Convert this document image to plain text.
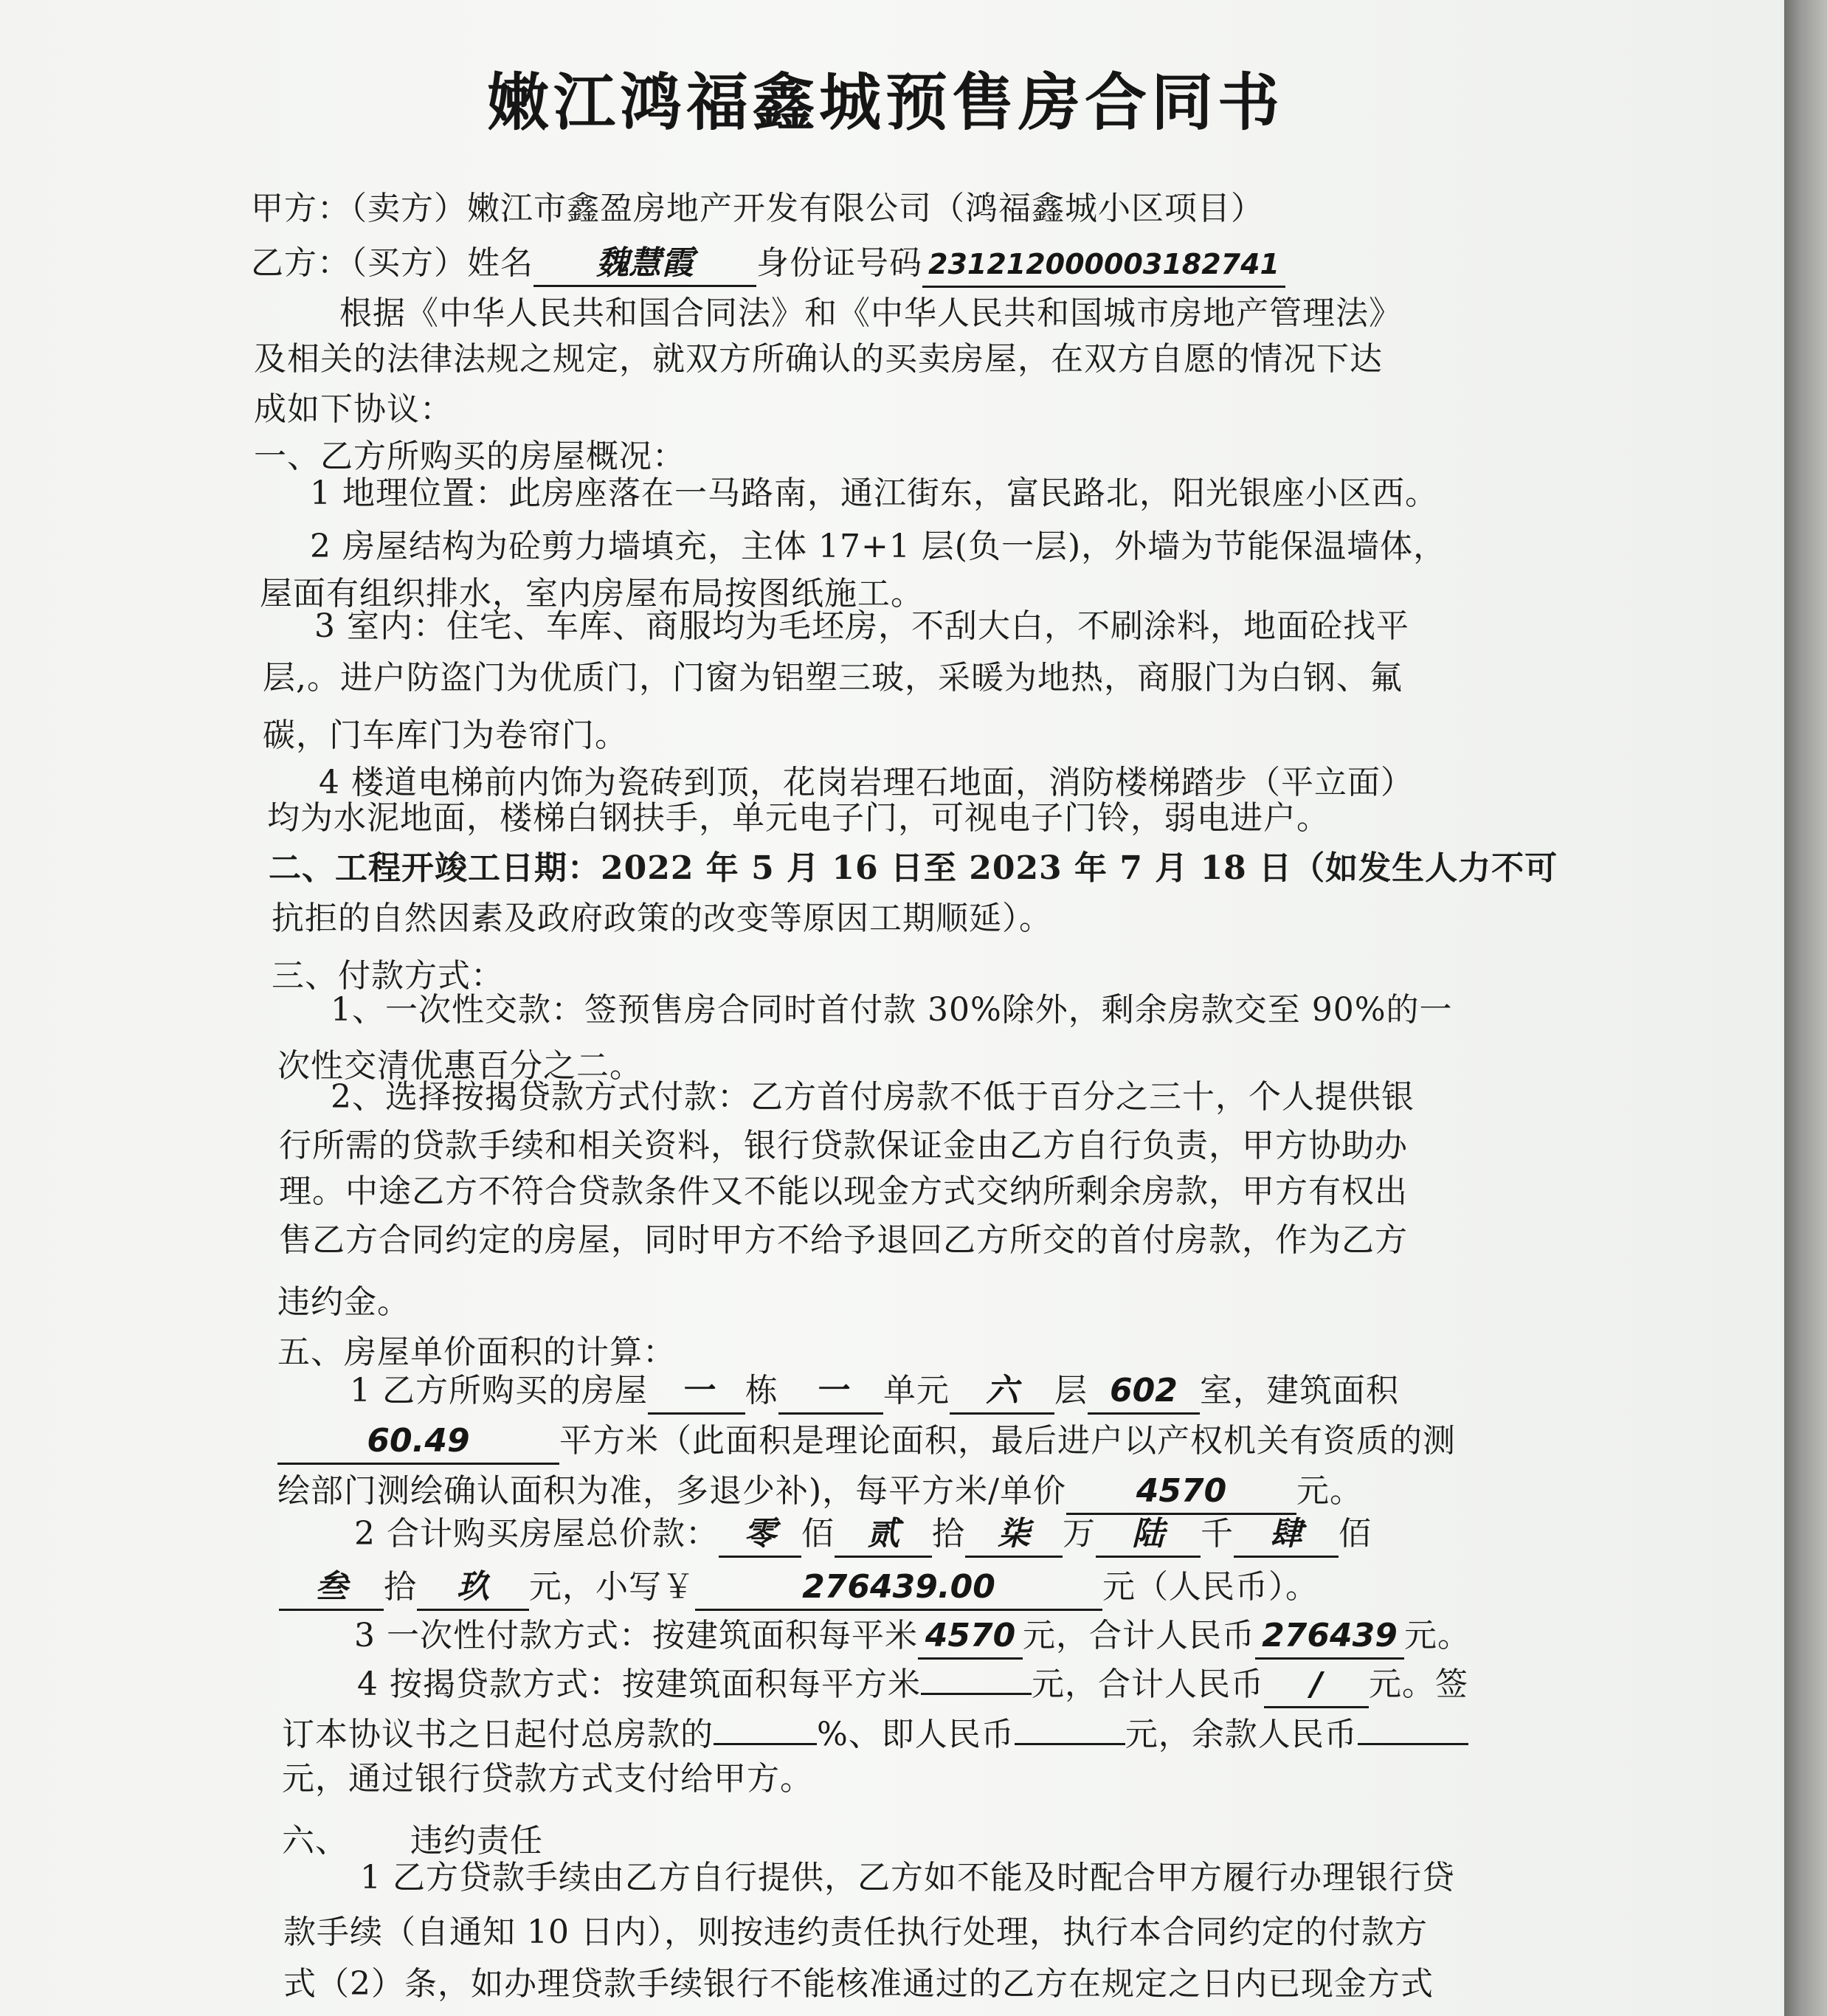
嫩江鸿福鑫城预售房合同书
甲方：（卖方）嫩江市鑫盈房地产开发有限公司（鸿福鑫城小区项目）
乙方：（买方）姓名 魏慧霞 身份证号码 231212000003182741
根据《中华人民共和国合同法》和《中华人民共和国城市房地产管理法》
及相关的法律法规之规定，就双方所确认的买卖房屋，在双方自愿的情况下达
成如下协议：
一、乙方所购买的房屋概况：
1 地理位置：此房座落在一马路南，通江街东，富民路北，阳光银座小区西。
2 房屋结构为砼剪力墙填充，主体 17+1 层(负一层)，外墙为节能保温墙体，
屋面有组织排水，室内房屋布局按图纸施工。
3 室内：住宅、车库、商服均为毛坯房，不刮大白，不刷涂料，地面砼找平
层,。进户防盗门为优质门，门窗为铝塑三玻，采暖为地热，商服门为白钢、氟
碳，门车库门为卷帘门。
4 楼道电梯前内饰为瓷砖到顶，花岗岩理石地面，消防楼梯踏步（平立面）
均为水泥地面，楼梯白钢扶手，单元电子门，可视电子门铃，弱电进户。
二、工程开竣工日期：2022 年 5 月 16 日至 2023 年 7 月 18 日（如发生人力不可
抗拒的自然因素及政府政策的改变等原因工期顺延）。
三、付款方式：
1、一次性交款：签预售房合同时首付款 30%除外，剩余房款交至 90%的一
次性交清优惠百分之二。
2、选择按揭贷款方式付款：乙方首付房款不低于百分之三十，个人提供银
行所需的贷款手续和相关资料，银行贷款保证金由乙方自行负责，甲方协助办
理。中途乙方不符合贷款条件又不能以现金方式交纳所剩余房款，甲方有权出
售乙方合同约定的房屋，同时甲方不给予退回乙方所交的首付房款，作为乙方
违约金。
五、房屋单价面积的计算：
1 乙方所购买的房屋 一 栋 一 单元 六 层 602 室，建筑面积
60.49	平方米（此面积是理论面积，最后进户以产权机关有资质的测
绘部门测绘确认面积为准，多退少补)，每平方米/单价 4570 元。
2 合计购买房屋总价款： 零 佰 贰 拾 柒 万 陆 千 肆 佰
叁 拾 玖 元，小写￥	276439.00	元（人民币）。
3 一次性付款方式：按建筑面积每平米 4570 元，合计人民币 276439 元。
4 按揭贷款方式：按建筑面积每平方米	元，合计人民币 / 元。签
订本协议书之日起付总房款的	%、即人民币	元，余款人民币
元，通过银行贷款方式支付给甲方。
六、 违约责任
1 乙方贷款手续由乙方自行提供，乙方如不能及时配合甲方履行办理银行贷
款手续（自通知 10 日内），则按违约责任执行处理，执行本合同约定的付款方
式（2）条，如办理贷款手续银行不能核准通过的乙方在规定之日内已现金方式
